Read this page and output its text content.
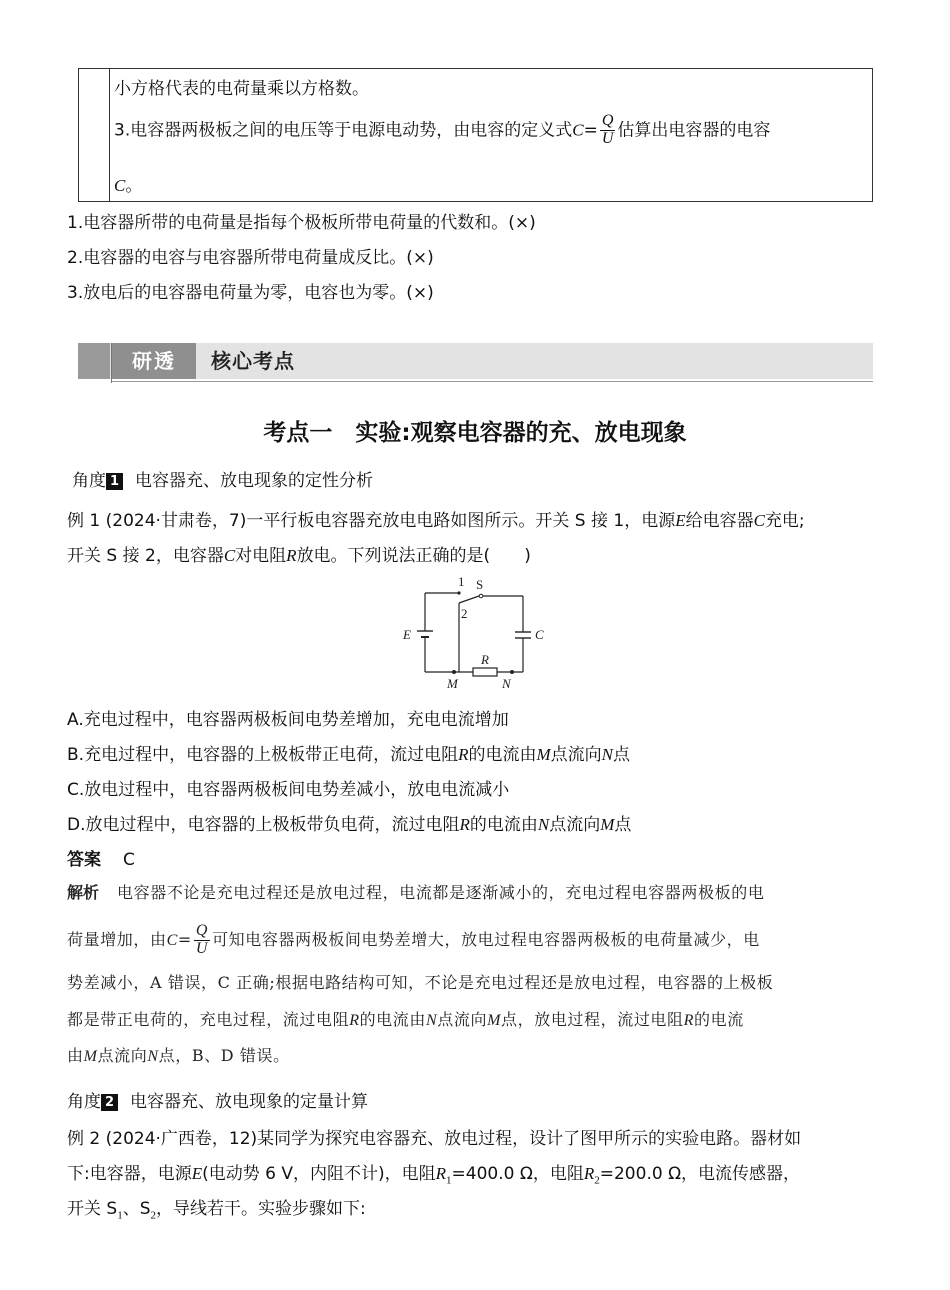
小方格代表的电荷量乘以方格数。
3.电容器两极板之间的电压等于电源电动势，由电容的定义式$C= \frac{Q}{U}$ 估算出电容器的电容
C。
1.电容器所带的电荷量是指每个极板所带电荷量的代数和。(×)
2.电容器的电容与电容器所带电荷量成反比。(×)
3.放电后的电容器电荷量为零，电容也为零。(×)
研透	核心考点
考点一　实验:观察电容器的充、放电现象
角度 1 电容器充、放电现象的定性分析
例 1 (2024·甘肃卷，7)一平行板电容器充放电电路如图所示。开关 S 接 1，电源E给电容器C充电;
开关 S 接 2，电容器C对电阻R放电。下列说法正确的是(　　)
1 S
2
E	C
R
M	N
A.充电过程中，电容器两极板间电势差增加，充电电流增加
B.充电过程中，电容器的上极板带正电荷，流过电阻R的电流由M点流向N点
C.放电过程中，电容器两极板间电势差减小，放电电流减小
D.放电过程中，电容器的上极板带负电荷，流过电阻R的电流由N点流向M点
答案 C
解析 电容器不论是充电过程还是放电过程，电流都是逐渐减小的，充电过程电容器两极板的电
荷量增加，由$C= \frac{Q}{U}$ 可知电容器两极板间电势差增大，放电过程电容器两极板的电荷量减少，电
势差减小，A 错误，C 正确;根据电路结构可知，不论是充电过程还是放电过程，电容器的上极板
都是带正电荷的，充电过程，流过电阻R的电流由N点流向M点，放电过程，流过电阻R的电流
由M点流向N点，B、D 错误。
角度 2 电容器充、放电现象的定量计算
例 2 (2024·广西卷，12)某同学为探究电容器充、放电过程，设计了图甲所示的实验电路。器材如
下:电容器，电源E(电动势 6 V，内阻不计)，电阻$R_1=400.0$ Ω，电阻$R_2=200.0$ Ω，电流传感器，
开关 $S_1$、$S_2$，导线若干。实验步骤如下:
